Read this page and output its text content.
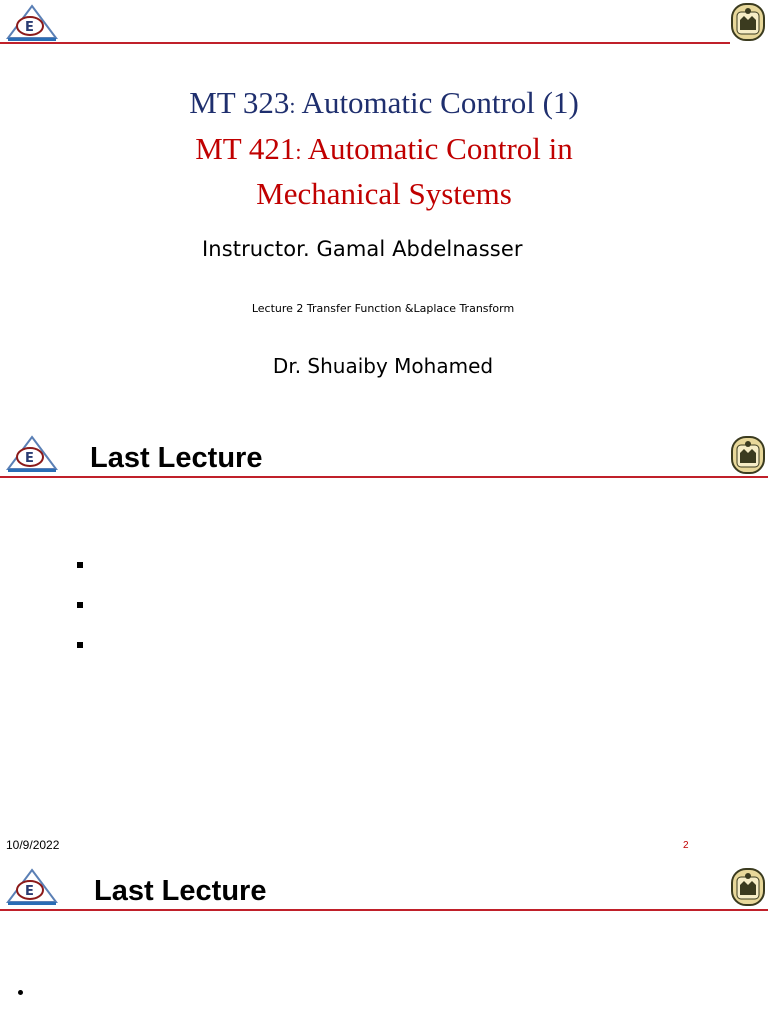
E
MT 323: Automatic Control (1)
MT 421: Automatic Control in
Mechanical Systems
Instructor. Gamal Abdelnasser
Lecture 2 Transfer Function &Laplace Transform
Dr. Shuaiby Mohamed
E Last Lecture
10/9/2022	2
E Last Lecture
